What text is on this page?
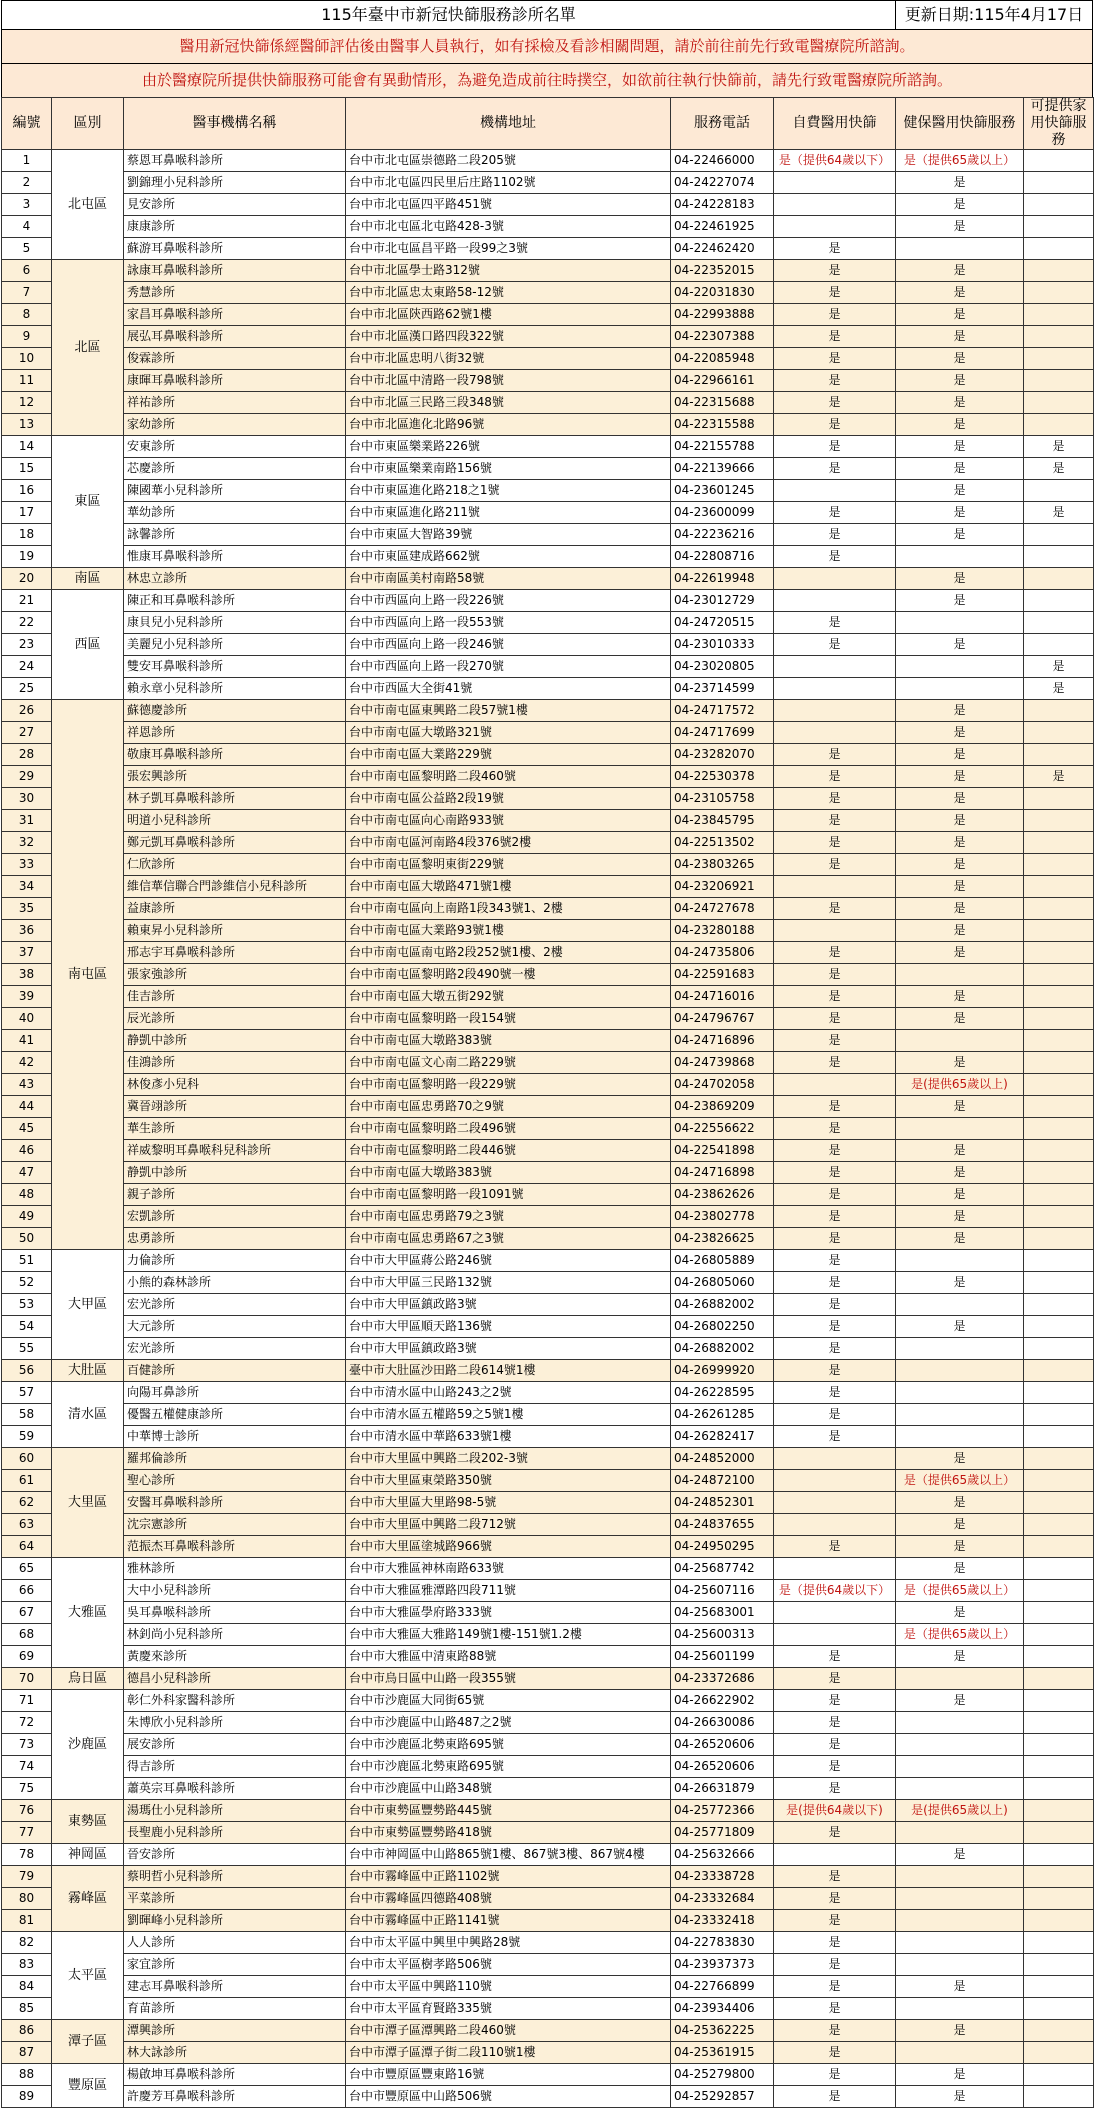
115年臺中市新冠快篩服務診所名單	更新日期:115年4月17日
醫用新冠快篩係經醫師評估後由醫事人員執行，如有採檢及看診相關問題，請於前往前先行致電醫療院所諮詢。
由於醫療院所提供快篩服務可能會有異動情形，為避免造成前往時撲空，如欲前往執行快篩前，請先行致電醫療院所諮詢。
編號	區別	醫事機構名稱	機構地址	服務電話	自費醫用快篩	健保醫用快篩服務	可提供家用快篩服務
1	北屯區	蔡恩耳鼻喉科診所	台中市北屯區崇德路二段205號	04-22466000	是（提供64歲以下）	是（提供65歲以上）	
2		劉錦理小兒科診所	台中市北屯區四民里后庄路1102號	04-24227074		是	
3		見安診所	台中市北屯區四平路451號	04-24228183		是	
4		康康診所	台中市北屯區北屯路428-3號	04-22461925		是	
5		蘇游耳鼻喉科診所	台中市北屯區昌平路一段99之3號	04-22462420	是		
6	北區	詠康耳鼻喉科診所	台中市北區學士路312號	04-22352015	是	是	
7		秀慧診所	台中市北區忠太東路58-12號	04-22031830	是	是	
8		家昌耳鼻喉科診所	台中市北區陝西路62號1樓	04-22993888	是	是	
9		展弘耳鼻喉科診所	台中市北區漢口路四段322號	04-22307388	是	是	
10		俊霖診所	台中市北區忠明八街32號	04-22085948	是	是	
11		康暉耳鼻喉科診所	台中市北區中清路一段798號	04-22966161	是	是	
12		祥祐診所	台中市北區三民路三段348號	04-22315688	是	是	
13		家幼診所	台中市北區進化北路96號	04-22315588	是	是	
14	東區	安東診所	台中市東區樂業路226號	04-22155788	是	是	是
15		芯慶診所	台中市東區樂業南路156號	04-22139666	是	是	是
16		陳國華小兒科診所	台中市東區進化路218之1號	04-23601245		是	
17		華幼診所	台中市東區進化路211號	04-23600099	是	是	是
18		詠馨診所	台中市東區大智路39號	04-22236216	是	是	
19		惟康耳鼻喉科診所	台中市東區建成路662號	04-22808716	是		
20	南區	林忠立診所	台中市南區美村南路58號	04-22619948		是	
21	西區	陳正和耳鼻喉科診所	台中市西區向上路一段226號	04-23012729		是	
22		康貝兒小兒科診所	台中市西區向上路一段553號	04-24720515	是		
23		美麗兒小兒科診所	台中市西區向上路一段246號	04-23010333	是	是	
24		雙安耳鼻喉科診所	台中市西區向上路一段270號	04-23020805			是
25		賴永章小兒科診所	台中市西區大全街41號	04-23714599			是
26	南屯區	蘇德慶診所	台中市南屯區東興路二段57號1樓	04-24717572		是	
27		祥恩診所	台中市南屯區大墩路321號	04-24717699		是	
28		敬康耳鼻喉科診所	台中市南屯區大業路229號	04-23282070	是	是	
29		張宏興診所	台中市南屯區黎明路二段460號	04-22530378	是	是	是
30		林子凱耳鼻喉科診所	台中市南屯區公益路2段19號	04-23105758	是	是	
31		明道小兒科診所	台中市南屯區向心南路933號	04-23845795	是	是	
32		鄭元凱耳鼻喉科診所	台中市南屯區河南路4段376號2樓	04-22513502	是	是	
33		仁欣診所	台中市南屯區黎明東街229號	04-23803265	是	是	
34		維信華信聯合門診維信小兒科診所	台中市南屯區大墩路471號1樓	04-23206921		是	
35		益康診所	台中市南屯區向上南路1段343號1、2樓	04-24727678	是	是	
36		賴東昇小兒科診所	台中市南屯區大業路93號1樓	04-23280188		是	
37		邢志宇耳鼻喉科診所	台中市南屯區南屯路2段252號1樓、2樓	04-24735806	是	是	
38		張家強診所	台中市南屯區黎明路2段490號一樓	04-22591683	是		
39		佳吉診所	台中市南屯區大墩五街292號	04-24716016	是	是	
40		辰光診所	台中市南屯區黎明路一段154號	04-24796767	是	是	
41		静凱中診所	台中市南屯區大墩路383號	04-24716896	是		
42		佳鴻診所	台中市南屯區文心南二路229號	04-24739868	是	是	
43		林俊彥小兒科	台中市南屯區黎明路一段229號	04-24702058		是(提供65歲以上)	
44		冀晉翊診所	台中市南屯區忠勇路70之9號	04-23869209	是	是	
45		華生診所	台中市南屯區黎明路二段496號	04-22556622	是		
46		祥威黎明耳鼻喉科兒科診所	台中市南屯區黎明路二段446號	04-22541898	是	是	
47		静凱中診所	台中市南屯區大墩路383號	04-24716898	是	是	
48		親子診所	台中市南屯區黎明路一段1091號	04-23862626	是	是	
49		宏凱診所	台中市南屯區忠勇路79之3號	04-23802778	是	是	
50		忠勇診所	台中市南屯區忠勇路67之3號	04-23826625	是	是	
51	大甲區	力倫診所	台中市大甲區蔣公路246號	04-26805889	是		
52		小熊的森林診所	台中市大甲區三民路132號	04-26805060	是	是	
53		宏光診所	台中市大甲區鎮政路3號	04-26882002	是		
54		大元診所	台中市大甲區順天路136號	04-26802250	是	是	
55		宏光診所	台中市大甲區鎮政路3號	04-26882002	是		
56	大肚區	百健診所	臺中市大肚區沙田路二段614號1樓	04-26999920	是		
57	清水區	向陽耳鼻診所	台中市清水區中山路243之2號	04-26228595	是		
58		優醫五權健康診所	台中市清水區五權路59之5號1樓	04-26261285	是		
59		中華博士診所	台中市清水區中華路633號1樓	04-26282417	是		
60	大里區	羅邦倫診所	台中市大里區中興路二段202-3號	04-24852000		是	
61		聖心診所	台中市大里區東榮路350號	04-24872100		是（提供65歲以上）	
62		安醫耳鼻喉科診所	台中市大里區大里路98-5號	04-24852301		是	
63		沈宗憲診所	台中市大里區中興路二段712號	04-24837655		是	
64		范振杰耳鼻喉科診所	台中市大里區塗城路966號	04-24950295	是	是	
65	大雅區	雅林診所	台中市大雅區神林南路633號	04-25687742		是	
66		大中小兒科診所	台中市大雅區雅潭路四段711號	04-25607116	是（提供64歲以下）	是（提供65歲以上）	
67		吳耳鼻喉科診所	台中市大雅區學府路333號	04-25683001		是	
68		林釗尚小兒科診所	台中市大雅區大雅路149號1樓-151號1.2樓	04-25600313		是（提供65歲以上）	
69		黃慶來診所	台中市大雅區中清東路88號	04-25601199	是	是	
70	烏日區	德昌小兒科診所	台中市烏日區中山路一段355號	04-23372686	是		
71	沙鹿區	彰仁外科家醫科診所	台中市沙鹿區大同街65號	04-26622902	是	是	
72		朱博欣小兒科診所	台中市沙鹿區中山路487之2號	04-26630086	是		
73		展安診所	台中市沙鹿區北勢東路695號	04-26520606	是		
74		得吉診所	台中市沙鹿區北勢東路695號	04-26520606	是		
75		蕭英宗耳鼻喉科診所	台中市沙鹿區中山路348號	04-26631879	是		
76	東勢區	湯瑪仕小兒科診所	台中市東勢區豐勢路445號	04-25772366	是(提供64歲以下)	是(提供65歲以上)	
77		長聖鹿小兒科診所	台中市東勢區豐勢路418號	04-25771809	是		
78	神岡區	晉安診所	台中市神岡區中山路865號1樓、867號3樓、867號4樓	04-25632666		是	
79	霧峰區	蔡明哲小兒科診所	台中市霧峰區中正路1102號	04-23338728	是		
80		平菜診所	台中市霧峰區四德路408號	04-23332684	是		
81		劉暉峰小兒科診所	台中市霧峰區中正路1141號	04-23332418	是		
82	太平區	人人診所	台中市太平區中興里中興路28號	04-22783830	是		
83		家宜診所	台中市太平區樹孝路506號	04-23937373	是		
84		建志耳鼻喉科診所	台中市太平區中興路110號	04-22766899	是	是	
85		育苗診所	台中市太平區育賢路335號	04-23934406	是		
86	潭子區	潭興診所	台中市潭子區潭興路二段460號	04-25362225	是	是	
87		林大詠診所	台中市潭子區潭子街二段110號1樓	04-25361915	是		
88	豐原區	楊啟坤耳鼻喉科診所	台中市豐原區豐東路16號	04-25279800	是	是	
89		許慶芳耳鼻喉科診所	台中市豐原區中山路506號	04-25292857	是	是	
